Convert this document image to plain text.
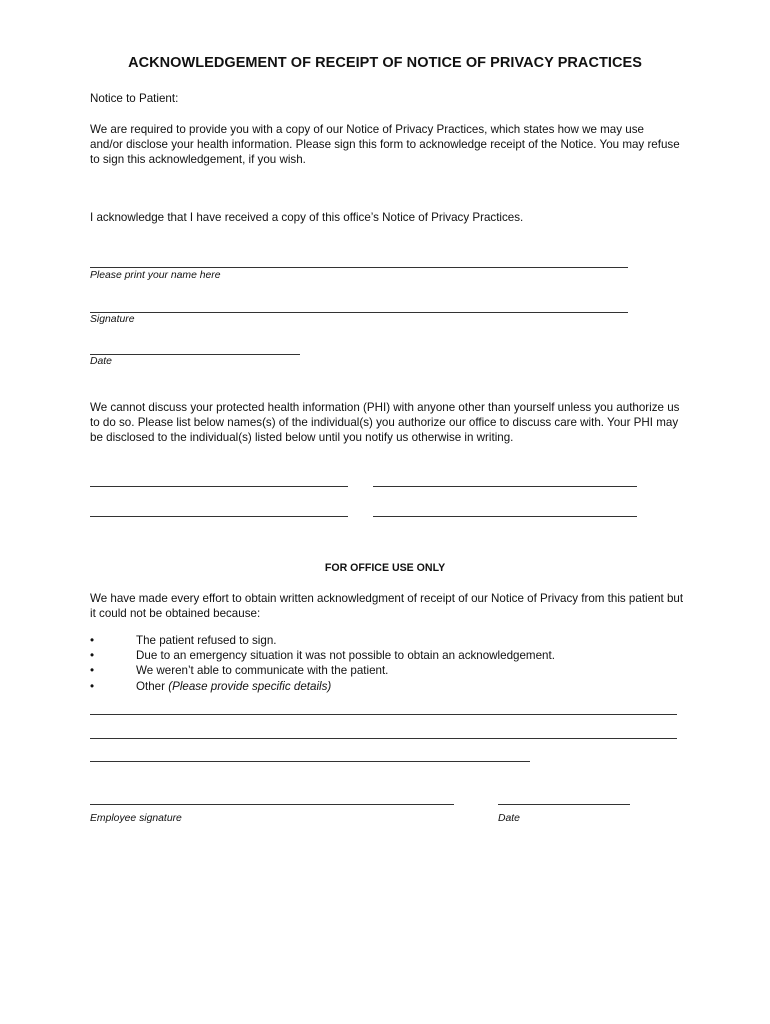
ACKNOWLEDGEMENT OF RECEIPT OF NOTICE OF PRIVACY PRACTICES
Notice to Patient:
We are required to provide you with a copy of our Notice of Privacy Practices, which states how we may use and/or disclose your health information. Please sign this form to acknowledge receipt of the Notice. You may refuse to sign this acknowledgement, if you wish.
I acknowledge that I have received a copy of this office’s Notice of Privacy Practices.
Please print your name here
Signature
Date
We cannot discuss your protected health information (PHI) with anyone other than yourself unless you authorize us to do so. Please list below names(s) of the individual(s) you authorize our office to discuss care with. Your PHI may be disclosed to the individual(s) listed below until you notify us otherwise in writing.
FOR OFFICE USE ONLY
We have made every effort to obtain written acknowledgment of receipt of our Notice of Privacy from this patient but it could not be obtained because:
•	The patient refused to sign.
•	Due to an emergency situation it was not possible to obtain an acknowledgement.
•	We weren’t able to communicate with the patient.
•	Other (Please provide specific details)
Employee signature	Date
